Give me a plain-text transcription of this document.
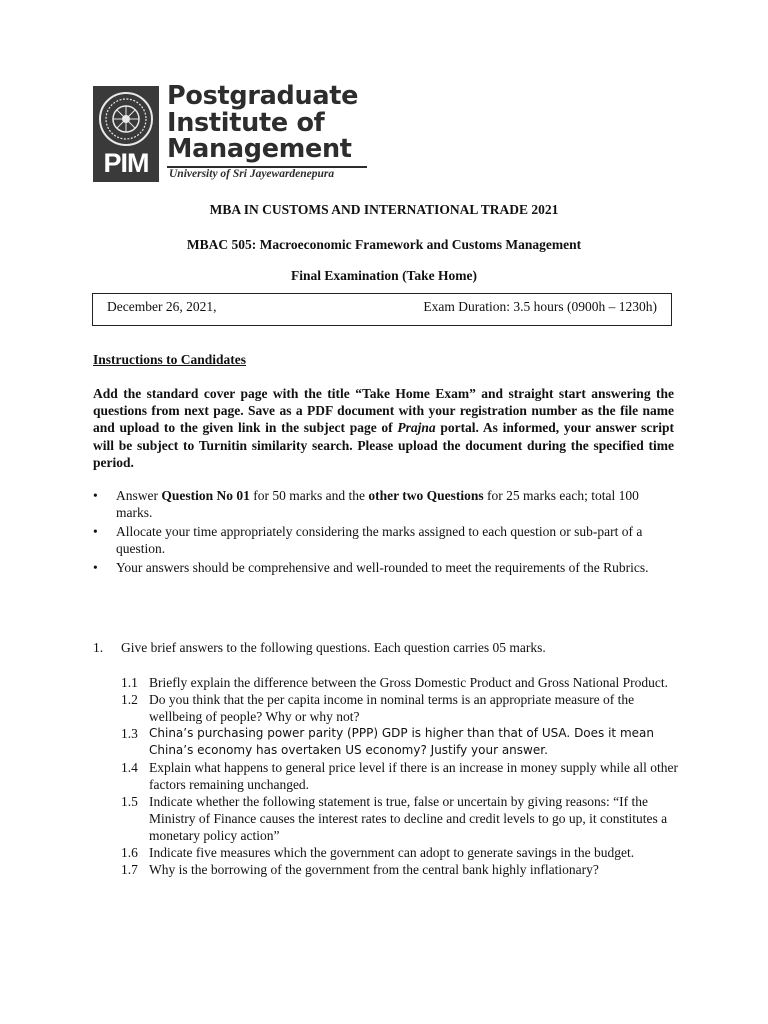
PIM
Postgraduate
Institute of
Management
University of Sri Jayewardenepura
MBA IN CUSTOMS AND INTERNATIONAL TRADE 2021
MBAC 505: Macroeconomic Framework and Customs Management
Final Examination (Take Home)
December 26, 2021,	Exam Duration: 3.5 hours (0900h – 1230h)
Instructions to Candidates
Add the standard cover page with the title “Take Home Exam” and straight start answering the questions from next page. Save as a PDF document with your registration number as the file name and upload to the given link in the subject page of Prajna portal. As informed, your answer script will be subject to Turnitin similarity search. Please upload the document during the specified time period.
• Answer Question No 01 for 50 marks and the other two Questions for 25 marks each; total 100 marks.
• Allocate your time appropriately considering the marks assigned to each question or sub-part of a question.
• Your answers should be comprehensive and well-rounded to meet the requirements of the Rubrics.
1. Give brief answers to the following questions. Each question carries 05 marks.
1.1 Briefly explain the difference between the Gross Domestic Product and Gross National Product.
1.2 Do you think that the per capita income in nominal terms is an appropriate measure of the wellbeing of people? Why or why not?
1.3 China’s purchasing power parity (PPP) GDP is higher than that of USA. Does it mean China’s economy has overtaken US economy? Justify your answer.
1.4 Explain what happens to general price level if there is an increase in money supply while all other factors remaining unchanged.
1.5 Indicate whether the following statement is true, false or uncertain by giving reasons: “If the Ministry of Finance causes the interest rates to decline and credit levels to go up, it constitutes a monetary policy action”
1.6 Indicate five measures which the government can adopt to generate savings in the budget.
1.7 Why is the borrowing of the government from the central bank highly inflationary?
